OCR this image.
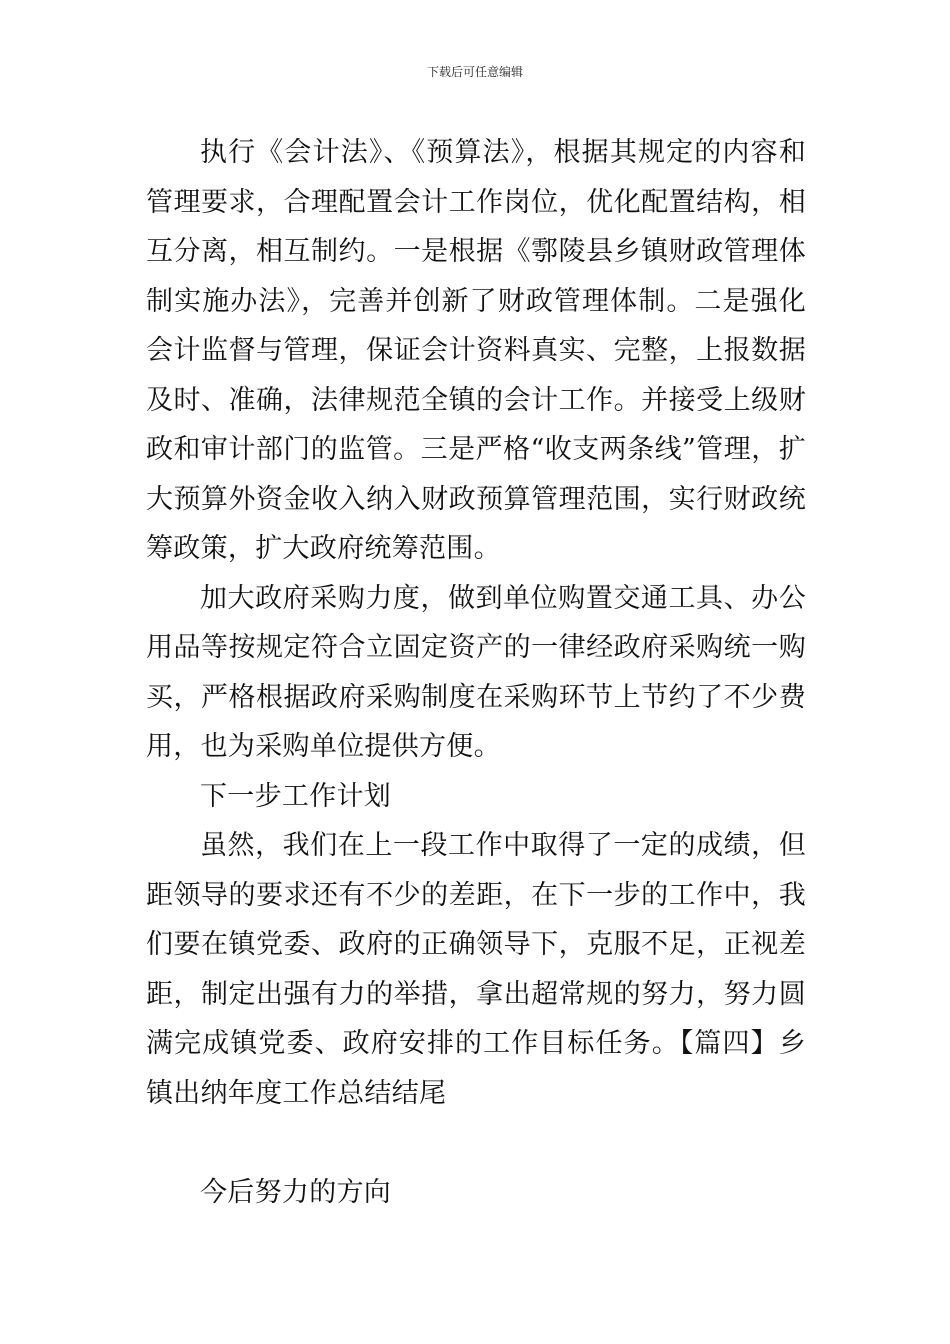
下载后可任意编辑

执行《会计法》、《预算法》，根据其规定的内容和管理要求，合理配置会计工作岗位，优化配置结构，相互分离，相互制约。一是根据《鄠陵县乡镇财政管理体制实施办法》，完善并创新了财政管理体制。二是强化会计监督与管理，保证会计资料真实、完整，上报数据及时、准确，法律规范全镇的会计工作。并接受上级财政和审计部门的监管。三是严格“收支两条线”管理，扩大预算外资金收入纳入财政预算管理范围，实行财政统筹政策，扩大政府统筹范围。

加大政府采购力度，做到单位购置交通工具、办公用品等按规定符合立固定资产的一律经政府采购统一购买，严格根据政府采购制度在采购环节上节约了不少费用，也为采购单位提供方便。

下一步工作计划

虽然，我们在上一段工作中取得了一定的成绩，但距领导的要求还有不少的差距，在下一步的工作中，我们要在镇党委、政府的正确领导下，克服不足，正视差距，制定出强有力的举措，拿出超常规的努力，努力圆满完成镇党委、政府安排的工作目标任务。【篇四】乡镇出纳年度工作总结结尾

今后努力的方向
